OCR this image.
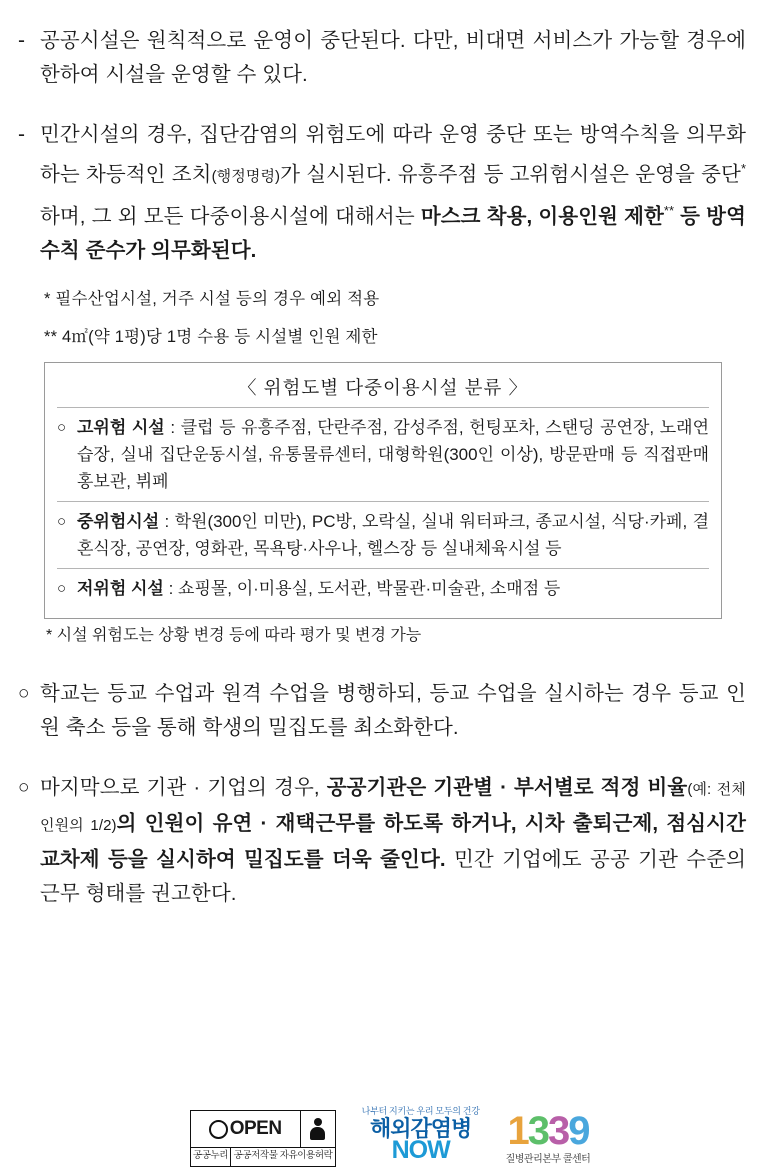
- 공공시설은 원칙적으로 운영이 중단된다. 다만, 비대면 서비스가 가능할 경우에 한하여 시설을 운영할 수 있다.
- 민간시설의 경우, 집단감염의 위험도에 따라 운영 중단 또는 방역수칙을 의무화하는 차등적인 조치(행정명령)가 실시된다. 유흥주점 등 고위험시설은 운영을 중단*하며, 그 외 모든 다중이용시설에 대해서는 마스크 착용, 이용인원 제한** 등 방역수칙 준수가 의무화된다.
* 필수산업시설, 거주 시설 등의 경우 예외 적용
** 4㎡(약 1평)당 1명 수용 등 시설별 인원 제한
〈 위험도별 다중이용시설 분류 〉
○ 고위험 시설 : 클럽 등 유흥주점, 단란주점, 감성주점, 헌팅포차, 스탠딩 공연장, 노래연습장, 실내 집단운동시설, 유통물류센터, 대형학원(300인 이상), 방문판매 등 직접판매홍보관, 뷔페
○ 중위험시설 : 학원(300인 미만), PC방, 오락실, 실내 워터파크, 종교시설, 식당·카페, 결혼식장, 공연장, 영화관, 목욕탕·사우나, 헬스장 등 실내체육시설 등
○ 저위험 시설 : 쇼핑몰, 이·미용실, 도서관, 박물관·미술관, 소매점 등
* 시설 위험도는 상황 변경 등에 따라 평가 및 변경 가능
○ 학교는 등교 수업과 원격 수업을 병행하되, 등교 수업을 실시하는 경우 등교 인원 축소 등을 통해 학생의 밀집도를 최소화한다.
○ 마지막으로 기관 · 기업의 경우, 공공기관은 기관별 · 부서별로 적정 비율(예: 전체 인원의 1/2)의 인원이 유연 · 재택근무를 하도록 하거나, 시차 출퇴근제, 점심시간 교차제 등을 실시하여 밀집도를 더욱 줄인다. 민간 기업에도 공공 기관 수준의 근무 형태를 권고한다.
OPEN
공공누리 공공저작물 자유이용허락
나부터 지키는 우리 모두의 건강
해외감염병
NOW	1339
질병관리본부 콜센터
